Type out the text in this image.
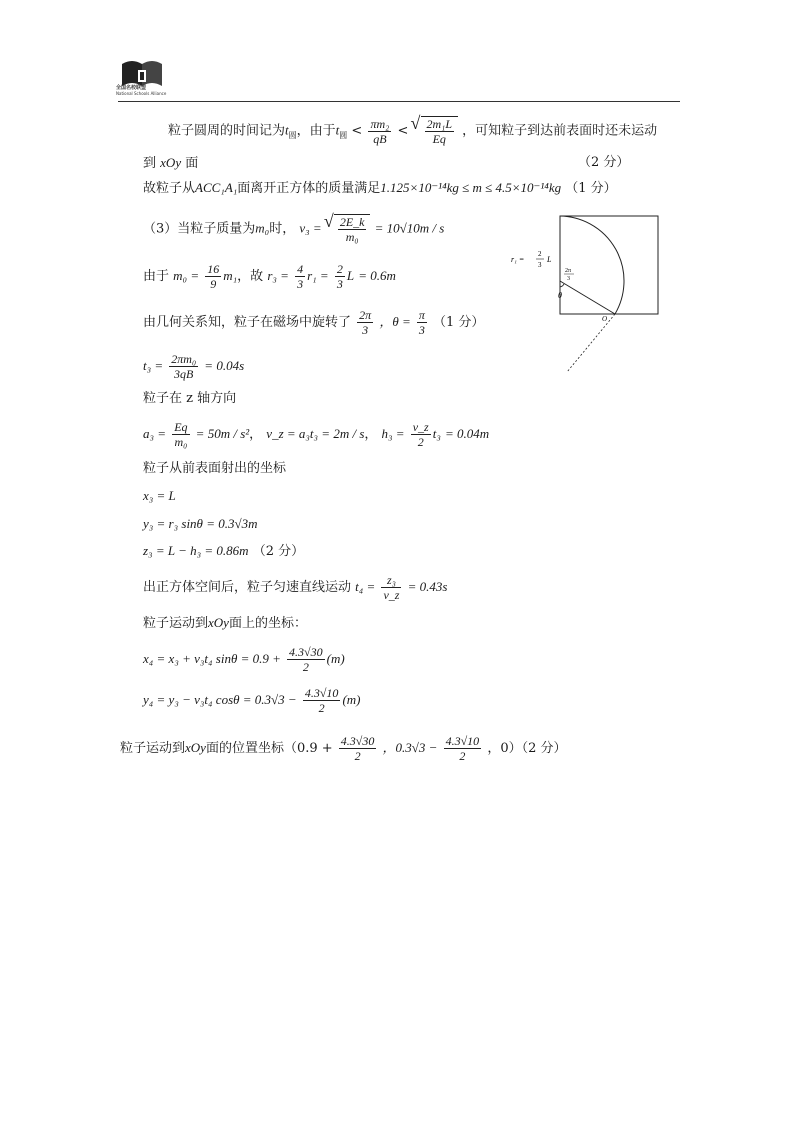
全国名校联盟
National Schools Alliance
粒子圆周的时间记为$t_圆$，由于$t_圆 < \frac{\text{πm₂}}{qB}$ < √ $\frac{\text{2m₁L}}{Eq}$ ，可知粒子到达前表面时还未运动
到 xOy 面	（2 分）
故粒子从ACC₁A₁面离开正方体的质量满足1.125×10⁻¹⁴kg ≤ m ≤ 4.5×10⁻¹⁴kg （1 分）
（3）当粒子质量为m₀时， v₃ = √ $\frac{2E\_k}{\text{m₀}} = 10√10m / s$
由于 $m_0 = \frac{16}{9} m_1$，故 $r_3 = \frac{4}{3} r_1 = \frac{2}{3}$ L = 0.6m
由几何关系知，粒子在磁场中旋转了 $\frac{2\pi}{3}$ ，$\theta = \frac{\pi}{3} (1$ 分）
$t_3 = \frac{\text{2πm₀}}{3qB} = 0.04s$
粒子在 z 轴方向
$a_3 = \frac{Eq}{\text{m₀}} = 50m / s^2$， v_z = a₃t₃ = 2m / s， $h_3 = \frac{v\_z}{2} t_3 = 0.04m$
粒子从前表面射出的坐标
x₃ = L
y₃ = r₃ sinθ = 0.3√3m
z₃ = L − h₃ = 0.86m （2 分）
出正方体空间后，粒子匀速直线运动 $t_4 = \frac{\text{z₃}}{v\_z} = 0.43s$
粒子运动到xOy面上的坐标：
x₄ = x₃ + v₃t₄ $\sin\theta = 0.9 + \frac{4.3√30}{2} (m)$
y₄ = y₃ − v₃t₄ $\cos\theta = 0.3√3 - \frac{4.3√10}{2} (m)$
粒子运动到xOy面的位置坐标（$0.9 + \frac{4.3√30}{2}$ ，$0.3√3 - \frac{4.3√10}{2}$ ，0）（2 分）
r₁ =
2
3
L
2π
3
θ
O
